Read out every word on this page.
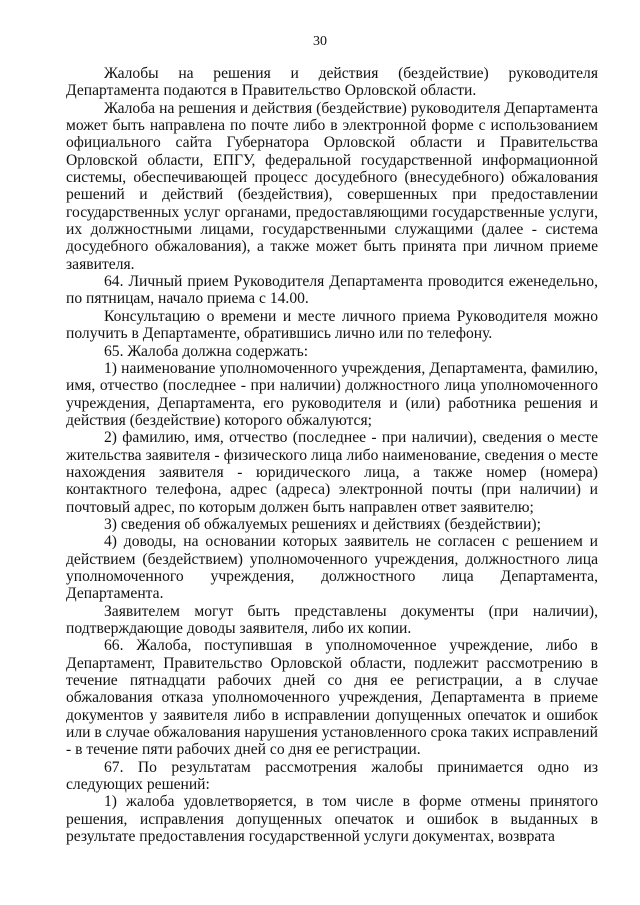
30

Жалобы на решения и действия (бездействие) руководителя Департамента подаются в Правительство Орловской области.

Жалоба на решения и действия (бездействие) руководителя Департамента может быть направлена по почте либо в электронной форме с использованием официального сайта Губернатора Орловской области и Правительства Орловской области, ЕПГУ, федеральной государственной информационной системы, обеспечивающей процесс досудебного (внесудебного) обжалования решений и действий (бездействия), совершенных при предоставлении государственных услуг органами, предоставляющими государственные услуги, их должностными лицами, государственными служащими (далее - система досудебного обжалования), а также может быть принята при личном приеме заявителя.

64. Личный прием Руководителя Департамента проводится еженедельно, по пятницам, начало приема с 14.00.

Консультацию о времени и месте личного приема Руководителя можно получить в Департаменте, обратившись лично или по телефону.

65. Жалоба должна содержать:

1) наименование уполномоченного учреждения, Департамента, фамилию, имя, отчество (последнее - при наличии) должностного лица уполномоченного учреждения, Департамента, его руководителя и (или) работника решения и действия (бездействие) которого обжалуются;

2) фамилию, имя, отчество (последнее - при наличии), сведения о месте жительства заявителя - физического лица либо наименование, сведения о месте нахождения заявителя - юридического лица, а также номер (номера) контактного телефона, адрес (адреса) электронной почты (при наличии) и почтовый адрес, по которым должен быть направлен ответ заявителю;

3) сведения об обжалуемых решениях и действиях (бездействии);

4) доводы, на основании которых заявитель не согласен с решением и действием (бездействием) уполномоченного учреждения, должностного лица уполномоченного учреждения, должностного лица Департамента, Департамента.

Заявителем могут быть представлены документы (при наличии), подтверждающие доводы заявителя, либо их копии.

66. Жалоба, поступившая в уполномоченное учреждение, либо в Департамент, Правительство Орловской области, подлежит рассмотрению в течение пятнадцати рабочих дней со дня ее регистрации, а в случае обжалования отказа уполномоченного учреждения, Департамента в приеме документов у заявителя либо в исправлении допущенных опечаток и ошибок или в случае обжалования нарушения установленного срока таких исправлений - в течение пяти рабочих дней со дня ее регистрации.

67. По результатам рассмотрения жалобы принимается одно из следующих решений:

1) жалоба удовлетворяется, в том числе в форме отмены принятого решения, исправления допущенных опечаток и ошибок в выданных в результате предоставления государственной услуги документах, возврата
